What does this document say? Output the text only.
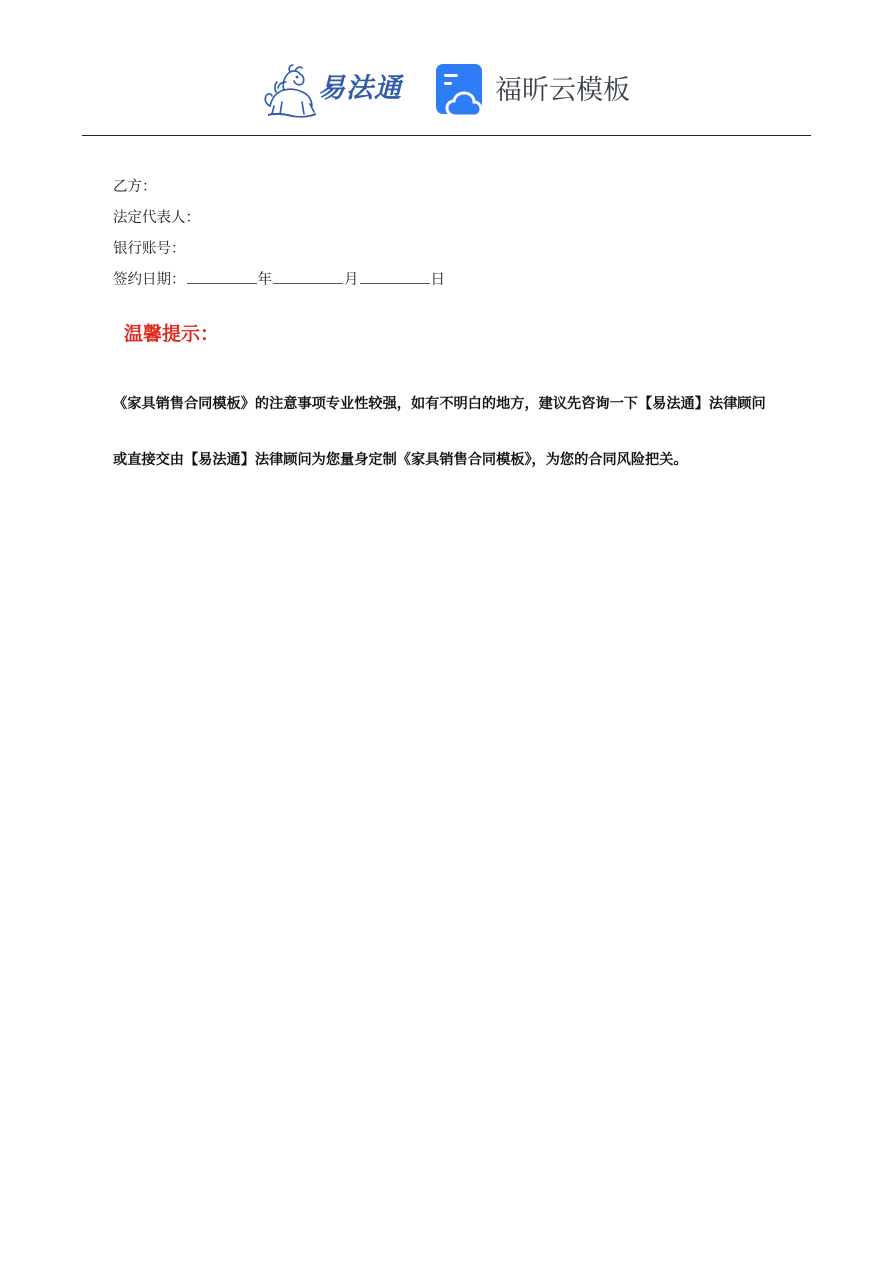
易法通	福昕云模板
乙方：
法定代表人：
银行账号：
签约日期：	年	月	日
温馨提示：
《家具销售合同模板》的注意事项专业性较强，如有不明白的地方，建议先咨询一下【易法通】法律顾问
或直接交由【易法通】法律顾问为您量身定制《家具销售合同模板》，为您的合同风险把关。
